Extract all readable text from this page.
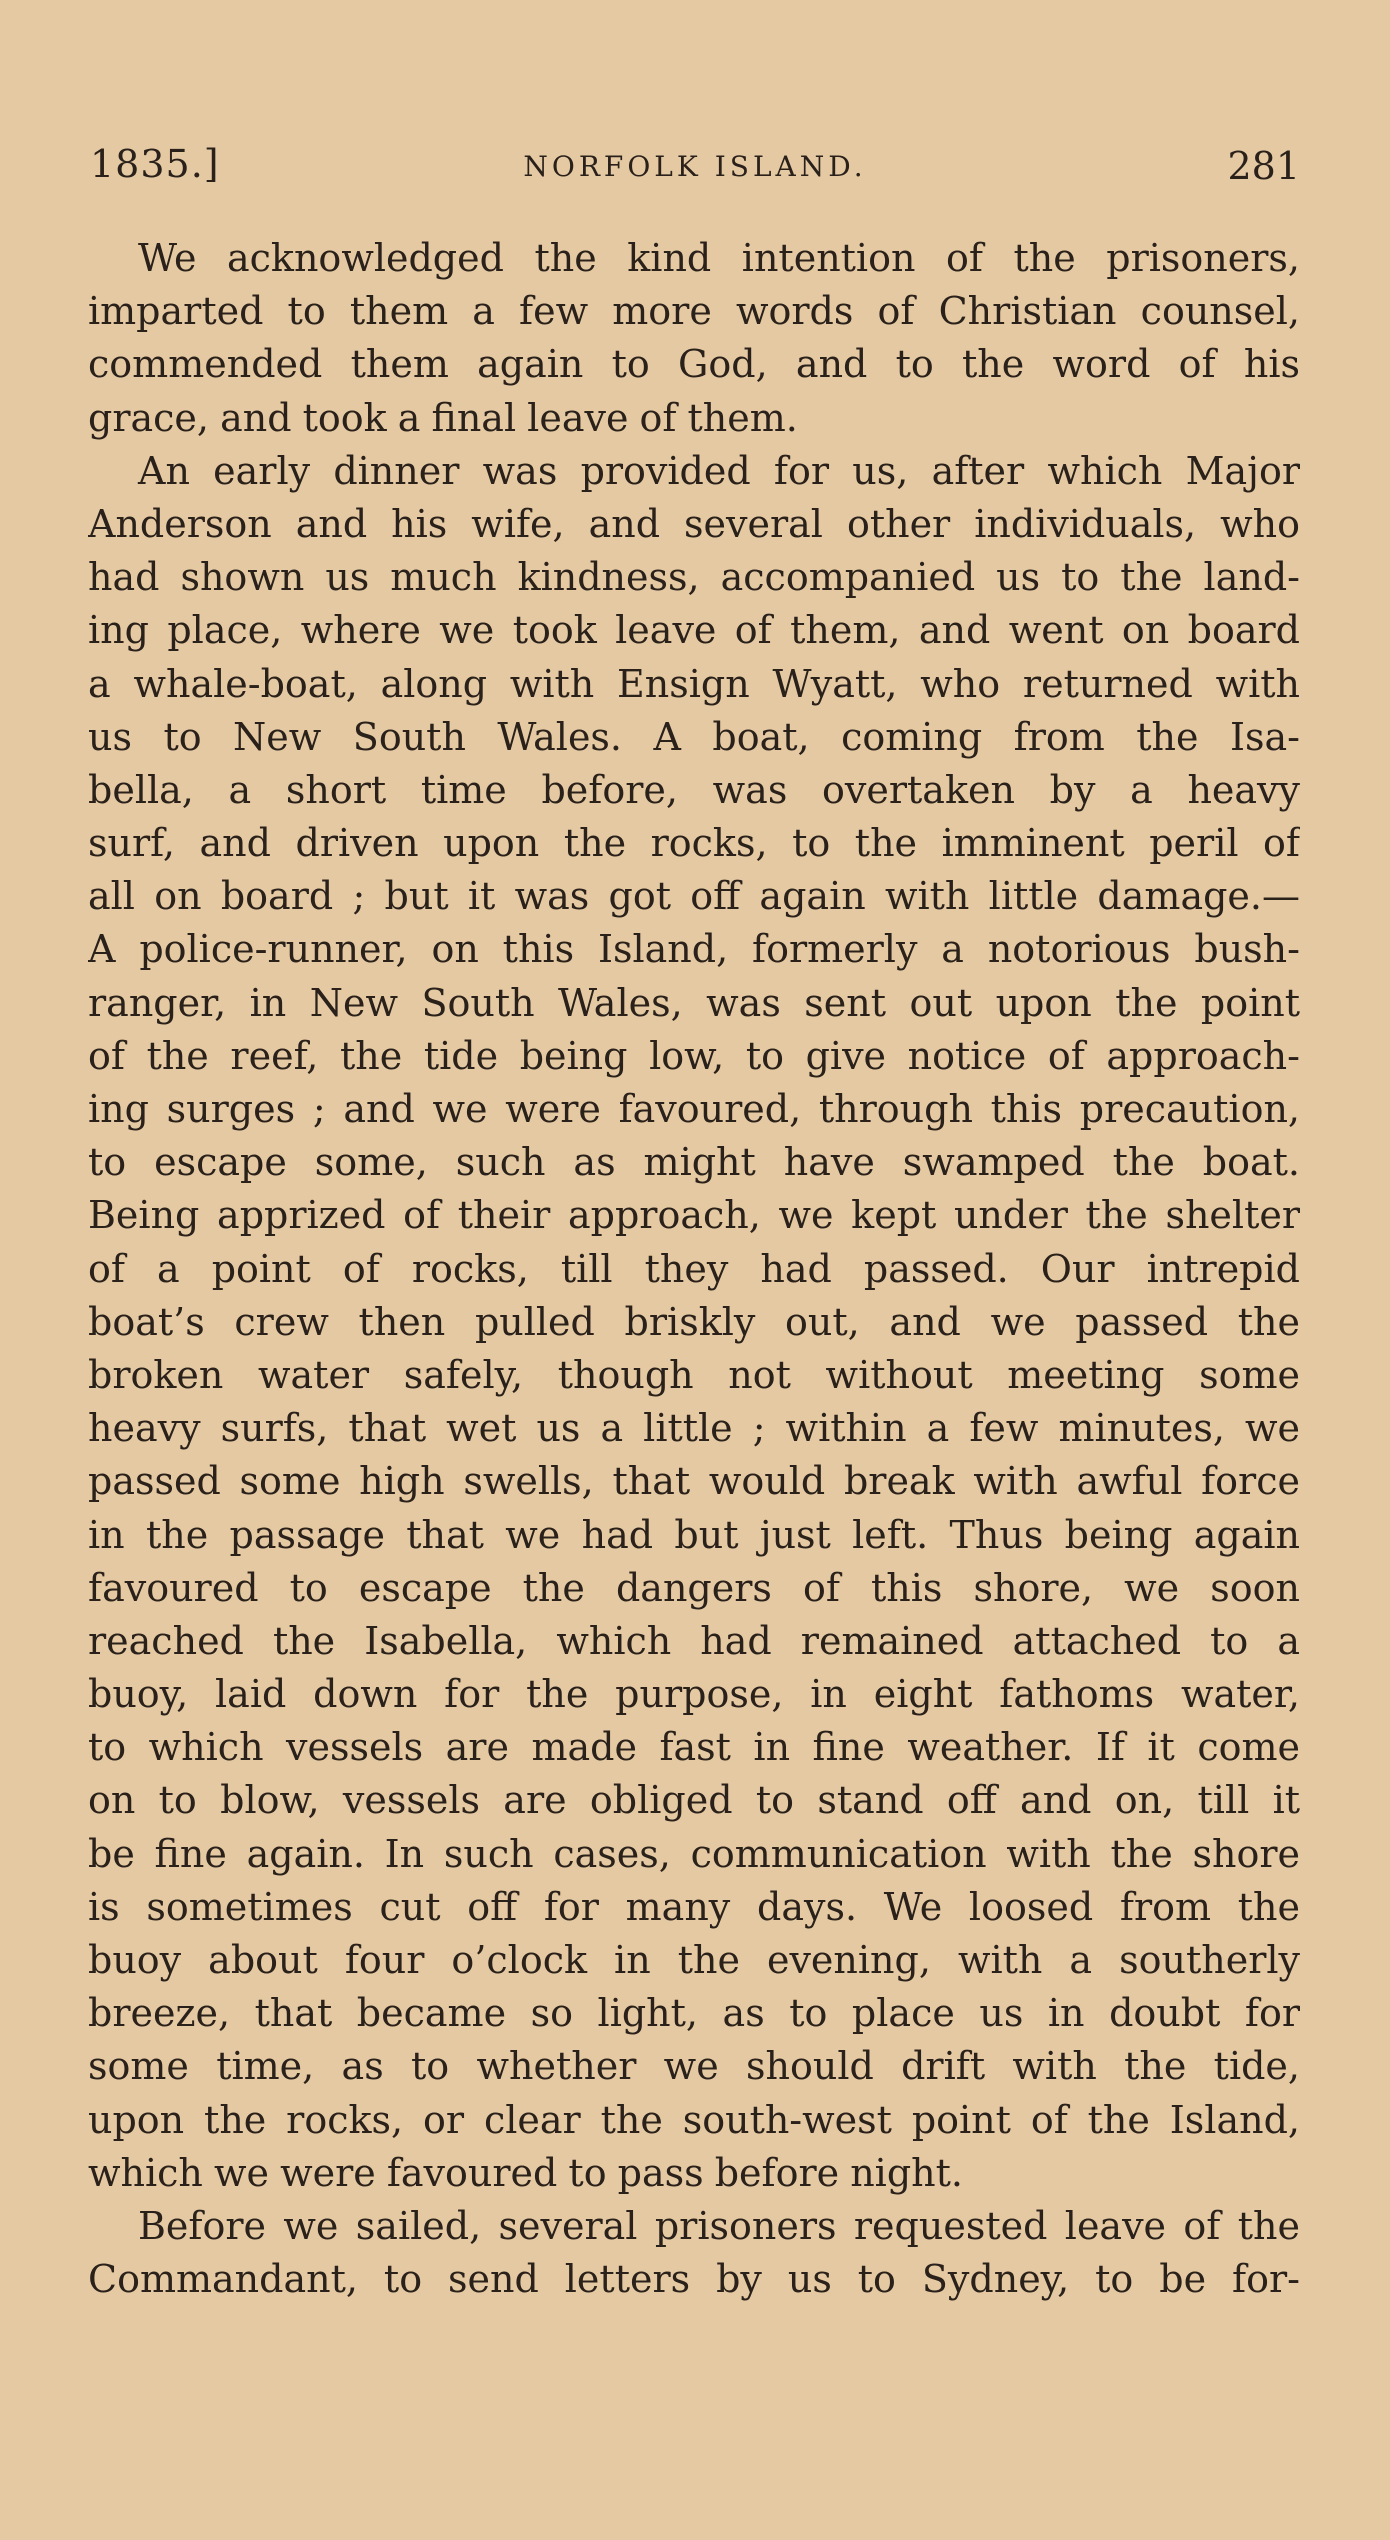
1835.]	NORFOLK ISLAND.	281
We acknowledged the kind intention of the prisoners,
imparted to them a few more words of Christian counsel,
commended them again to God, and to the word of his
grace, and took a final leave of them.
An early dinner was provided for us, after which Major
Anderson and his wife, and several other individuals, who
had shown us much kindness, accompanied us to the land-
ing place, where we took leave of them, and went on board
a whale-boat, along with Ensign Wyatt, who returned with
us to New South Wales. A boat, coming from the Isa-
bella, a short time before, was overtaken by a heavy
surf, and driven upon the rocks, to the imminent peril of
all on board ; but it was got off again with little damage.—
A police-runner, on this Island, formerly a notorious bush-
ranger, in New South Wales, was sent out upon the point
of the reef, the tide being low, to give notice of approach-
ing surges ; and we were favoured, through this precaution,
to escape some, such as might have swamped the boat.
Being apprized of their approach, we kept under the shelter
of a point of rocks, till they had passed. Our intrepid
boat’s crew then pulled briskly out, and we passed the
broken water safely, though not without meeting some
heavy surfs, that wet us a little ; within a few minutes, we
passed some high swells, that would break with awful force
in the passage that we had but just left. Thus being again
favoured to escape the dangers of this shore, we soon
reached the Isabella, which had remained attached to a
buoy, laid down for the purpose, in eight fathoms water,
to which vessels are made fast in fine weather. If it come
on to blow, vessels are obliged to stand off and on, till it
be fine again. In such cases, communication with the shore
is sometimes cut off for many days. We loosed from the
buoy about four o’clock in the evening, with a southerly
breeze, that became so light, as to place us in doubt for
some time, as to whether we should drift with the tide,
upon the rocks, or clear the south-west point of the Island,
which we were favoured to pass before night.
Before we sailed, several prisoners requested leave of the
Commandant, to send letters by us to Sydney, to be for-
